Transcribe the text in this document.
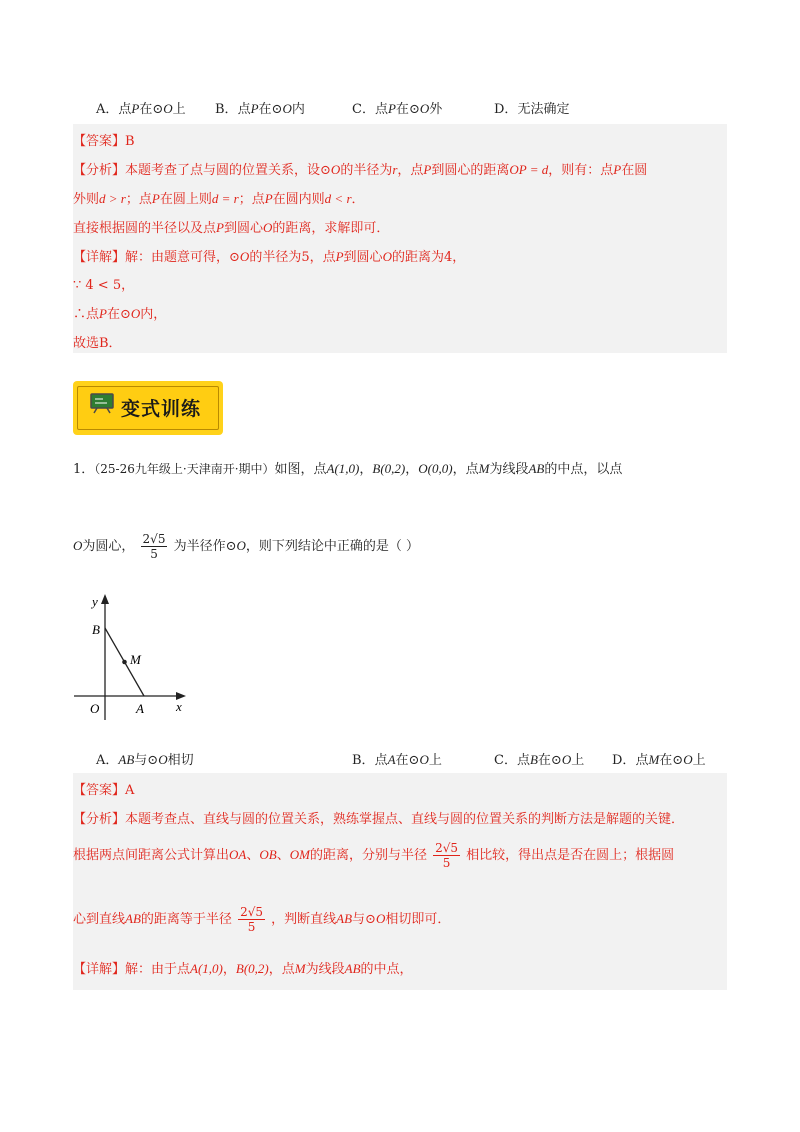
A．点P在⊙O上 B．点P在⊙O内	C．点P在⊙O外	D．无法确定
【答案】B
【分析】本题考查了点与圆的位置关系，设⊙O的半径为r，点P到圆心的距离OP = d，则有：点P在圆
外则d > r；点P在圆上则d = r；点P在圆内则d < r．
直接根据圆的半径以及点P到圆心O的距离，求解即可．
【详解】解：由题意可得，⊙O的半径为5，点P到圆心O的距离为4，
∵ 4 < 5，
∴点P在⊙O内，
故选B．
变式训练
1．（25-26九年级上·天津南开·期中）如图，点A(1,0)，B(0,2)，O(0,0)，点M为线段AB的中点，以点
O为圆心， $\frac{2√5}{5}$ 为半径作⊙O，则下列结论中正确的是（ ）
y
x
B
M
O	A
A．AB与⊙O相切	B．点A在⊙O上	C．点B在⊙O上 D．点M在⊙O上
【答案】A
【分析】本题考查点、直线与圆的位置关系，熟练掌握点、直线与圆的位置关系的判断方法是解题的关键．
根据两点间距离公式计算出OA、OB、OM的距离，分别与半径 $\frac{2√5}{5}$ 相比较，得出点是否在圆上；根据圆
心到直线AB的距离等于半径 $\frac{2√5}{5}$ ，判断直线AB与⊙O相切即可．
【详解】解：由于点A(1,0)，B(0,2)，点M为线段AB的中点，
